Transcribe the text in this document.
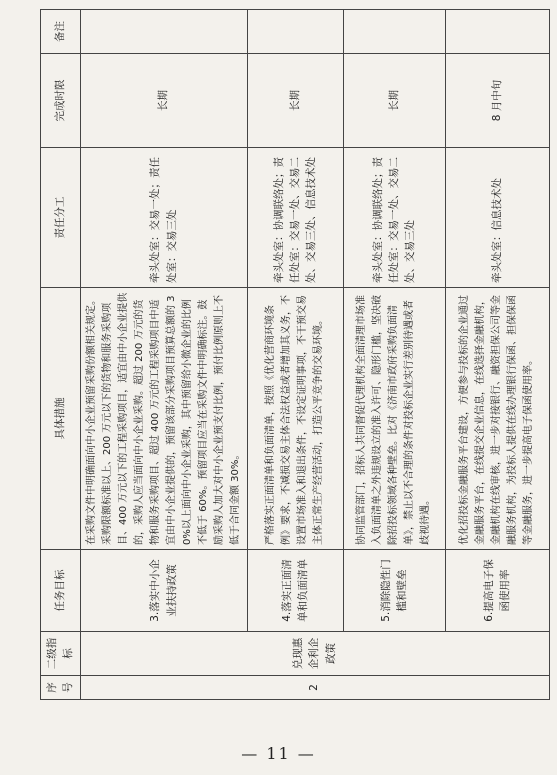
序号	二级指标	任务目标	具体措施	责任分工	完成时限	备注
2	兑现惠企利企政策	3.落实中小企业扶持政策	在采购文件中明确面向中小企业预留采购份额相关规定。采购限额标准以上、200 万元以下的货物和服务采购项目、400 万元以下的工程采购项目，适宜由中小企业提供的，采购人应当面向中小企业采购。超过 200 万元的货物和服务采购项目、超过 400 万元的工程采购项目中适宜由中小企业提供的，预留该部分采购项目预算总额的 30%以上面向中小企业采购，其中预留给小微企业的比例不低于 60%。预留项目应当在采购文件中明确标注。鼓励采购人加大对中小企业预支付比例，预付比例原则上不低于合同金额 30%。	牵头处室：交易一处；责任处室：交易三处	长期	
		4.落实正面清单和负面清单	严格落实正面清单和负面清单，按照《优化营商环境条例》要求，不减损交易主体合法权益或者增加其义务，不设置市场准入和退出条件，不设定证明事项，不干预交易主体正常生产经营活动，打造公平竞争的交易环境。	牵头处室：协调联络处；责任处室：交易一处、交易二处、交易三处、信息技术处	长期	
		5.消除隐性门槛和壁垒	协同监管部门，招标人共同督促代理机构全面清理市场准入负面清单之外违规设立的准入许可、隐形门槛，坚决破除招投标领域各种壁垒。比对《济南市政府采购负面清单》，禁止以不合理的条件对投标企业实行差别待遇或者歧视待遇。	牵头处室：协调联络处；责任处室：交易一处、交易二处、交易三处	长期	
		6.提高电子保函使用率	优化招投标金融服务平台建设，方便参与投标的企业通过金融服务平台，在线提交企业信息，在线选择金融机构，金融机构在线审核，进一步对接银行、融资担保公司等金融服务机构，为投标人提供在线办理银行保函、担保保函等金融服务，进一步提高电子保函使用率。	牵头处室：信息技术处	8 月中旬	
— 11 —
